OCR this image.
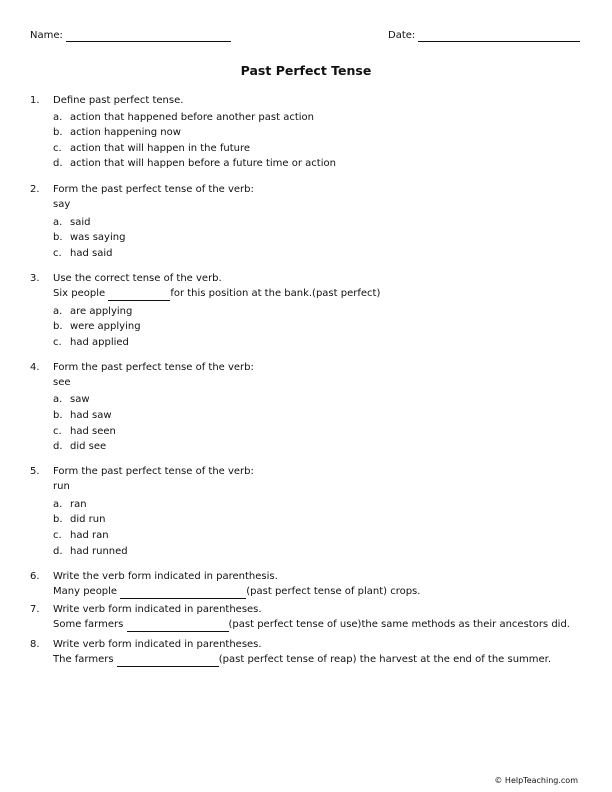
Name:	Date:
Past Perfect Tense
1. Define past perfect tense.
a. action that happened before another past action
b. action happening now
c. action that will happen in the future
d. action that will happen before a future time or action
2. Form the past perfect tense of the verb:
say
a. said
b. was saying
c. had said
3. Use the correct tense of the verb.
Six people	for this position at the bank.(past perfect)
a. are applying
b. were applying
c. had applied
4. Form the past perfect tense of the verb:
see
a. saw
b. had saw
c. had seen
d. did see
5. Form the past perfect tense of the verb:
run
a. ran
b. did run
c. had ran
d. had runned
6. Write the verb form indicated in parenthesis.
Many people	(past perfect tense of plant) crops.
7. Write verb form indicated in parentheses.
Some farmers	(past perfect tense of use)the same methods as their ancestors did.
8. Write verb form indicated in parentheses.
The farmers	(past perfect tense of reap) the harvest at the end of the summer.
© HelpTeaching.com
